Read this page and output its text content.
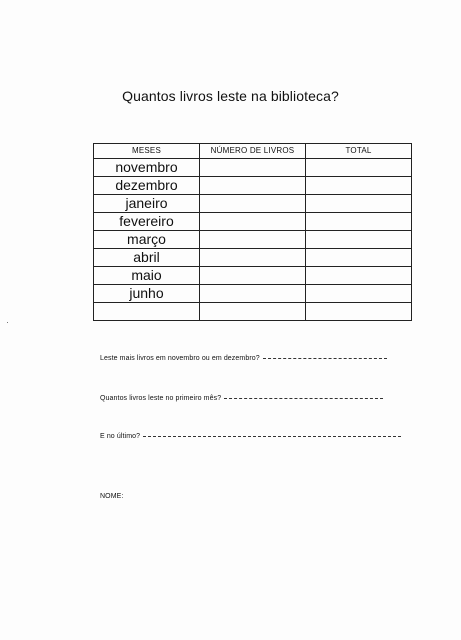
Quantos livros leste na biblioteca?
MESES	NÚMERO DE LIVROS	TOTAL
novembro		
dezembro		
janeiro		
fevereiro		
março		
abril		
maio		
junho		

Leste mais livros em novembro ou em dezembro?
Quantos livros leste no primeiro mês?
E no último?
NOME:
